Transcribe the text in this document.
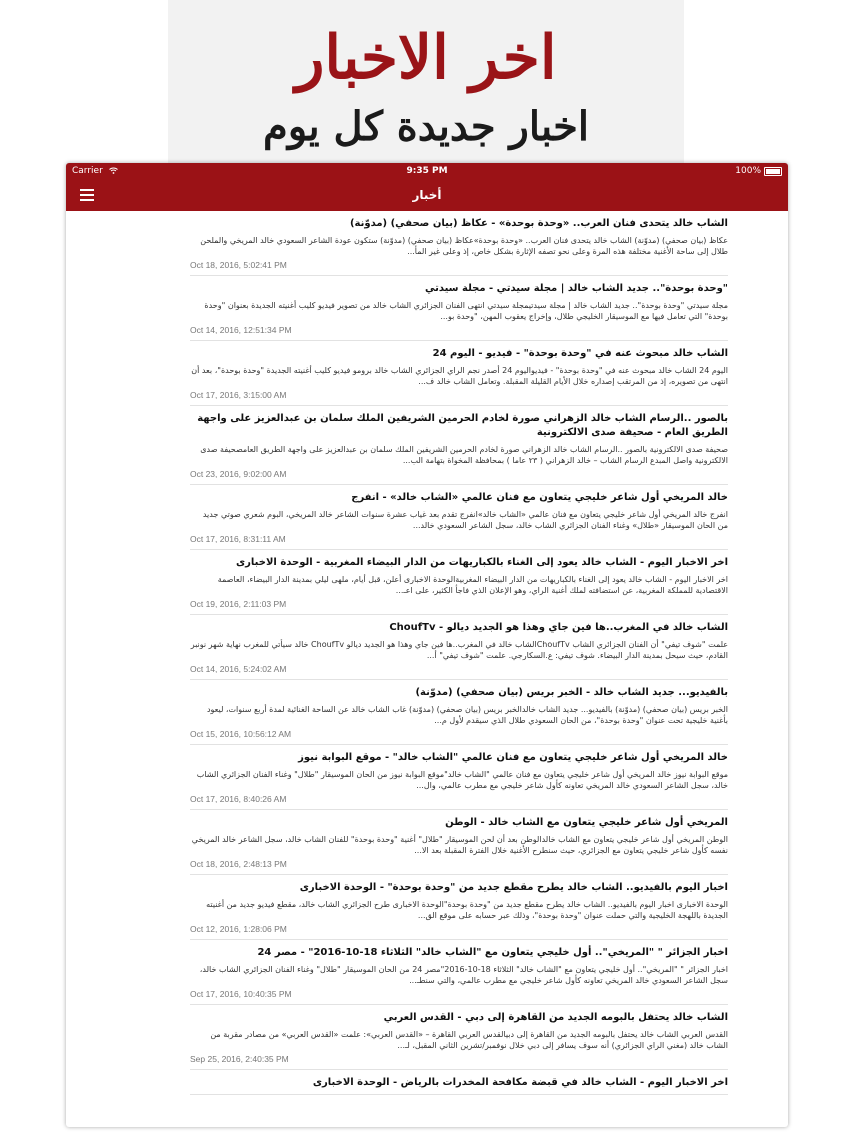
اخر الاخبار
اخبار جديدة كل يوم
Carrier	9:35 PM	100%
أخبار
الشاب خالد يتحدى فنان العرب.. «وحدة بوحدة» - عكاظ (بيان صحفي) (مدوّنة)
عكاظ (بيان صحفي) (مدوّنة) الشاب خالد يتحدى فنان العرب.. «وحدة بوحدة»عكاظ (بيان صحفي) (مدوّنة) ستكون عودة الشاعر السعودي خالد المريخي والملحن طلال إلى ساحة الأغنية مختلفة هذه المرة وعلى نحو تصفه الإثارة بشكل خاص، إذ وعلى غير المأ...
Oct 18, 2016, 5:02:41 PM
"وحدة بوحدة".. جديد الشاب خالد | مجلة سيدتي - مجلة سيدتي
مجلة سيدتي "وحدة بوحدة".. جديد الشاب خالد | مجلة سيدتيمجلة سيدتي انتهى الفنان الجزائري الشاب خالد من تصوير فيديو كليب أغنيته الجديدة بعنوان "وحدة بوحدة" التي تعامل فيها مع الموسيقار الخليجي طلال، وإخراج يعقوب المهن، "وحدة بو...
Oct 14, 2016, 12:51:34 PM
الشاب خالد مبحوث عنه في "وحدة بوحدة" - فيديو - اليوم 24
اليوم 24 الشاب خالد مبحوث عنه في "وحدة بوحدة" - فيديواليوم 24 أصدر نجم الراي الجزائري الشاب خالد برومو فيديو كليب أغنيته الجديدة "وحدة بوحدة"، بعد أن انتهى من تصويره، إذ من المرتقب إصداره خلال الأيام القليلة المقبلة. وتعامل الشاب خالد ف...
Oct 17, 2016, 3:15:00 AM
بالصور ..الرسام الشاب خالد الزهراني صورة لخادم الحرمين الشريفين الملك سلمان بن عبدالعزيز على واجهة الطريق العام - صحيفة صدى الالكترونية
صحيفة صدى الالكترونية بالصور ..الرسام الشاب خالد الزهراني صورة لخادم الحرمين الشريفين الملك سلمان بن عبدالعزيز على واجهة الطريق العامصحيفة صدى الالكترونية واصل المبدع الرسام الشاب – خالد الزهراني ( ٢٣ عاما ) بمحافظة المخواة بتهامة الب...
Oct 23, 2016, 9:02:00 AM
خالد المريخي أول شاعر خليجي يتعاون مع فنان عالمي «الشاب خالد» - انفرج
انفرج خالد المريخي أول شاعر خليجي يتعاون مع فنان عالمي «الشاب خالد»انفرج تقدم بعد غياب عشرة سنوات الشاعر خالد المريخي، البوم شعري صوتي جديد من الحان الموسيقار «طلال» وغناء الفنان الجزائري الشاب خالد، سجل الشاعر السعودي خالد...
Oct 17, 2016, 8:31:11 AM
اخر الاخبار اليوم - الشاب خالد يعود إلى الغناء بالكباريهات من الدار البيضاء المغربية - الوحدة الاخبارى
اخر الاخبار اليوم - الشاب خالد يعود إلى الغناء بالكباريهات من الدار البيضاء المغربيةالوحدة الاخبارى أعلن، قبل أيام، ملهى ليلي بمدينة الدار البيضاء، العاصمة الاقتصادية للمملكة المغربية، عن استضافته لملك أغنية الراي، وهو الإعلان الذي فاجأ الكثير، على اعـ...
Oct 19, 2016, 2:11:03 PM
الشاب خالد في المغرب..ها فين جاي وهذا هو الجديد ديالو - ChoufTv
علمت "شوف تيفي" أن الفنان الجزائري الشاب ChoufTvالشاب خالد في المغرب..ها فين جاي وهذا هو الجديد ديالو ChoufTv خالد سيأتي للمغرب نهاية شهر نونبر القادم، حيث سيحل بمدينة الدار البيضاء. شوف تيفي: ع.السكارجي. علمت "شوف تيفي" أ...
Oct 14, 2016, 5:24:02 AM
بالفيديو... جديد الشاب خالد - الخبر بريس (بيان صحفي) (مدوّنة)
الخبر بريس (بيان صحفي) (مدوّنة) بالفيديو... جديد الشاب خالدالخبر بريس (بيان صحفي) (مدوّنة) غاب الشاب خالد عن الساحة الغنائية لمدة أربع سنوات، ليعود بأغنية خليجية تحت عنوان "وحدة بوحدة"، من الحان السعودي طلال الذي سيقدم لأول م...
Oct 15, 2016, 10:56:12 AM
خالد المريخي أول شاعر خليجي يتعاون مع فنان عالمي "الشاب خالد" - موقع البوابة نيوز
موقع البوابة نيوز خالد المريخي أول شاعر خليجي يتعاون مع فنان عالمي "الشاب خالد"موقع البوابة نيوز من الحان الموسيقار "طلال" وغناء الفنان الجزائري الشاب خالد، سجل الشاعر السعودي خالد المريخي تعاونه كأول شاعر خليجي مع مطرب عالمي، وال...
Oct 17, 2016, 8:40:26 AM
المريخي أول شاعر خليجي يتعاون مع الشاب خالد - الوطن
الوطن المريخي أول شاعر خليجي يتعاون مع الشاب خالدالوطن بعد أن لحن الموسيقار "طلال" أغنية "وحدة بوحدة" للفنان الشاب خالد، سجل الشاعر خالد المريخي نفسه كأول شاعر خليجي يتعاون مع الجزائري، حيث سنطرح الأغنية خلال الفترة المقبلة بعد الا...
Oct 18, 2016, 2:48:13 PM
اخبار اليوم بالفيديو.. الشاب خالد يطرح مقطع جديد من "وحدة بوحدة" - الوحدة الاخبارى
الوحدة الاخبارى اخبار اليوم بالفيديو.. الشاب خالد يطرح مقطع جديد من "وحدة بوحدة"الوحدة الاخبارى طرح الجزائري الشاب خالد، مقطع فيديو جديد من أغنيته الجديدة باللهجة الخليجية والتي حملت عنوان "وحدة بوحدة"، وذلك عبر حسابه على موقع الق...
Oct 12, 2016, 1:28:06 PM
اخبار الجزائر " "المريخي".. أول خليجي يتعاون مع "الشاب خالد" الثلاثاء 18-10-2016" - مصر 24
اخبار الجزائر " "المريخي".. أول خليجي يتعاون مع "الشاب خالد" الثلاثاء 18-10-2016"مصر 24 من الحان الموسيقار "طلال" وغناء الفنان الجزائري الشاب خالد، سجل الشاعر السعودي خالد المريخي تعاونه كأول شاعر خليجي مع مطرب عالمي، والتي سنطـ...
Oct 17, 2016, 10:40:35 PM
الشاب خالد يحتفل بالبومه الجديد من القاهرة إلى دبي - القدس العربي
القدس العربي الشاب خالد يحتفل بالبومه الجديد من القاهرة إلى دبيالقدس العربي القاهرة – «القدس العربي»: علمت «القدس العربي» من مصادر مقربة من الشاب خالد (مغني الراي الجزائري) أنه سوف يسافر إلى دبي خلال نوفمبر/تشرين الثاني المقبل، لـ...
Sep 25, 2016, 2:40:35 PM
اخر الاخبار اليوم - الشاب خالد في قبضة مكافحة المخدرات بالرياض - الوحدة الاخبارى
